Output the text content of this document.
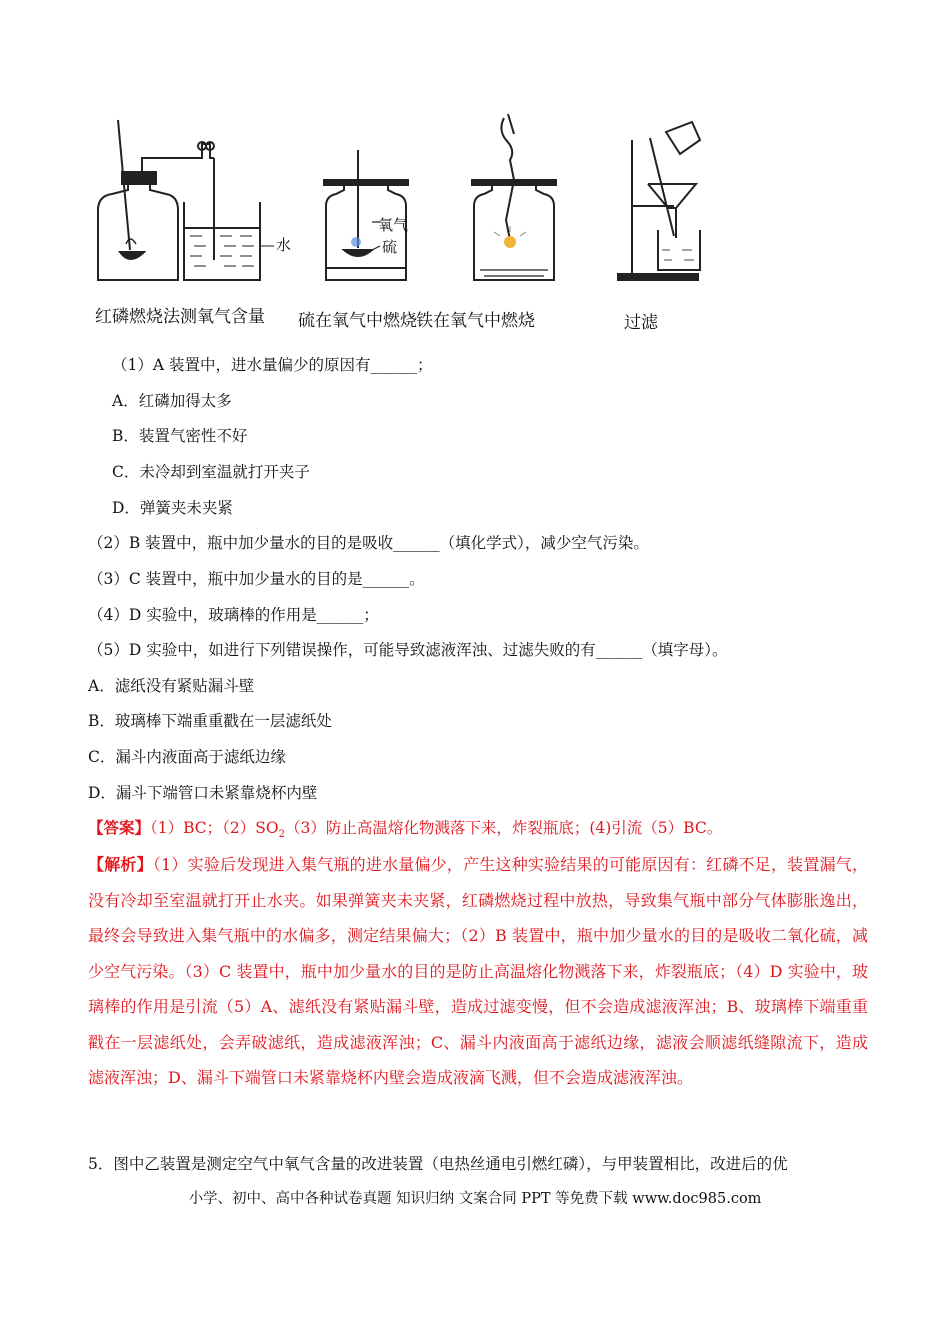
水
氧气
硫
红磷燃烧法测氧气含量 硫在氧气中燃烧 铁在氧气中燃烧	过滤
（1）A 装置中，进水量偏少的原因有______；
A．红磷加得太多
B．装置气密性不好
C．未冷却到室温就打开夹子
D．弹簧夹未夹紧
（2）B 装置中，瓶中加少量水的目的是吸收______（填化学式），减少空气污染。
（3）C 装置中，瓶中加少量水的目的是______。
（4）D 实验中，玻璃棒的作用是______；
（5）D 实验中，如进行下列错误操作，可能导致滤液浑浊、过滤失败的有______（填字母）。
A．滤纸没有紧贴漏斗壁
B．玻璃棒下端重重戳在一层滤纸处
C．漏斗内液面高于滤纸边缘
D．漏斗下端管口未紧靠烧杯内壁
【答案】（1）BC；$(2)SO_2(3)$防止高温熔化物溅落下来，炸裂瓶底；(4)引流（5）BC。
【解析】（1）实验后发现进入集气瓶的进水量偏少，产生这种实验结果的可能原因有：红磷不足，装置漏气，没有冷却至室温就打开止水夹。如果弹簧夹未夹紧，红磷燃烧过程中放热，导致集气瓶中部分气体膨胀逸出，最终会导致进入集气瓶中的水偏多，测定结果偏大；（2）B 装置中，瓶中加少量水的目的是吸收二氧化硫，减少空气污染。（3）C 装置中，瓶中加少量水的目的是防止高温熔化物溅落下来，炸裂瓶底；（4）D 实验中，玻璃棒的作用是引流（5）A、滤纸没有紧贴漏斗壁，造成过滤变慢，但不会造成滤液浑浊；B、玻璃棒下端重重戳在一层滤纸处，会弄破滤纸，造成滤液浑浊；C、漏斗内液面高于滤纸边缘，滤液会顺滤纸缝隙流下，造成滤液浑浊；D、漏斗下端管口未紧靠烧杯内壁会造成液滴飞溅，但不会造成滤液浑浊。
5．图中乙装置是测定空气中氧气含量的改进装置（电热丝通电引燃红磷），与甲装置相比，改进后的优
小学、初中、高中各种试卷真题 知识归纳 文案合同 PPT 等免费下载 www.doc985.com
